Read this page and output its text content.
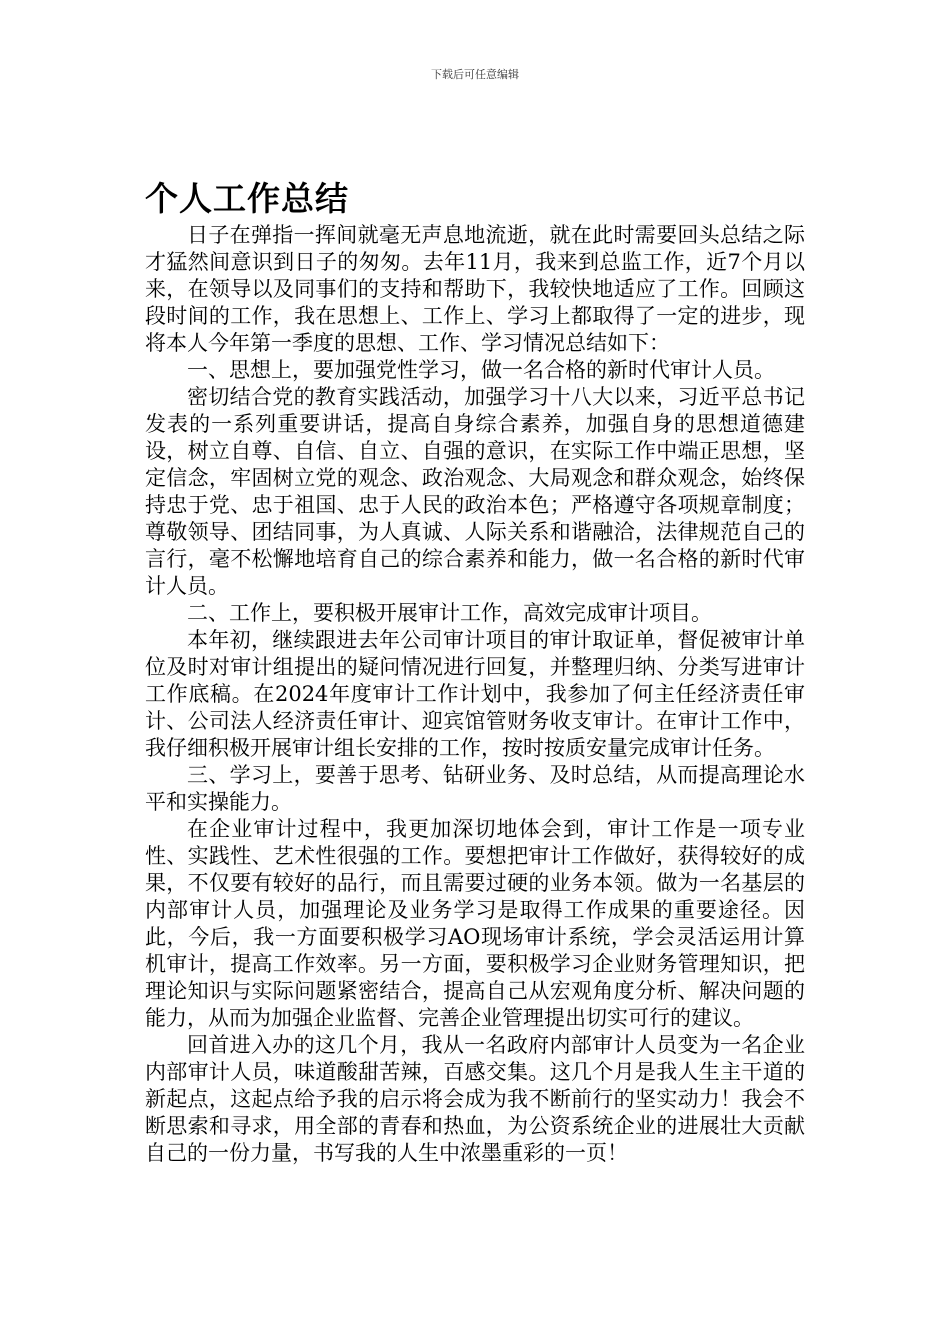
下载后可任意编辑
个人工作总结

日子在弹指一挥间就毫无声息地流逝，就在此时需要回头总结之际才猛然间意识到日子的匆匆。去年11月，我来到总监工作，近7个月以来，在领导以及同事们的支持和帮助下，我较快地适应了工作。回顾这段时间的工作，我在思想上、工作上、学习上都取得了一定的进步，现将本人今年第一季度的思想、工作、学习情况总结如下：

一、思想上，要加强党性学习，做一名合格的新时代审计人员。

密切结合党的教育实践活动，加强学习十八大以来，习近平总书记发表的一系列重要讲话，提高自身综合素养，加强自身的思想道德建设，树立自尊、自信、自立、自强的意识，在实际工作中端正思想，坚定信念，牢固树立党的观念、政治观念、大局观念和群众观念，始终保持忠于党、忠于祖国、忠于人民的政治本色；严格遵守各项规章制度；尊敬领导、团结同事，为人真诚、人际关系和谐融洽，法律规范自己的言行，毫不松懈地培育自己的综合素养和能力，做一名合格的新时代审计人员。

二、工作上，要积极开展审计工作，高效完成审计项目。

本年初，继续跟进去年公司审计项目的审计取证单，督促被审计单位及时对审计组提出的疑问情况进行回复，并整理归纳、分类写进审计工作底稿。在2024年度审计工作计划中，我参加了何主任经济责任审计、公司法人经济责任审计、迎宾馆管财务收支审计。在审计工作中，我仔细积极开展审计组长安排的工作，按时按质安量完成审计任务。

三、学习上，要善于思考、钻研业务、及时总结，从而提高理论水平和实操能力。

在企业审计过程中，我更加深切地体会到，审计工作是一项专业性、实践性、艺术性很强的工作。要想把审计工作做好，获得较好的成果，不仅要有较好的品行，而且需要过硬的业务本领。做为一名基层的内部审计人员，加强理论及业务学习是取得工作成果的重要途径。因此，今后，我一方面要积极学习AO现场审计系统，学会灵活运用计算机审计，提高工作效率。另一方面，要积极学习企业财务管理知识，把理论知识与实际问题紧密结合，提高自己从宏观角度分析、解决问题的能力，从而为加强企业监督、完善企业管理提出切实可行的建议。

回首进入办的这几个月，我从一名政府内部审计人员变为一名企业内部审计人员，味道酸甜苦辣，百感交集。这几个月是我人生主干道的新起点，这起点给予我的启示将会成为我不断前行的坚实动力！我会不断思索和寻求，用全部的青春和热血，为公资系统企业的进展壮大贡献自己的一份力量，书写我的人生中浓墨重彩的一页！
